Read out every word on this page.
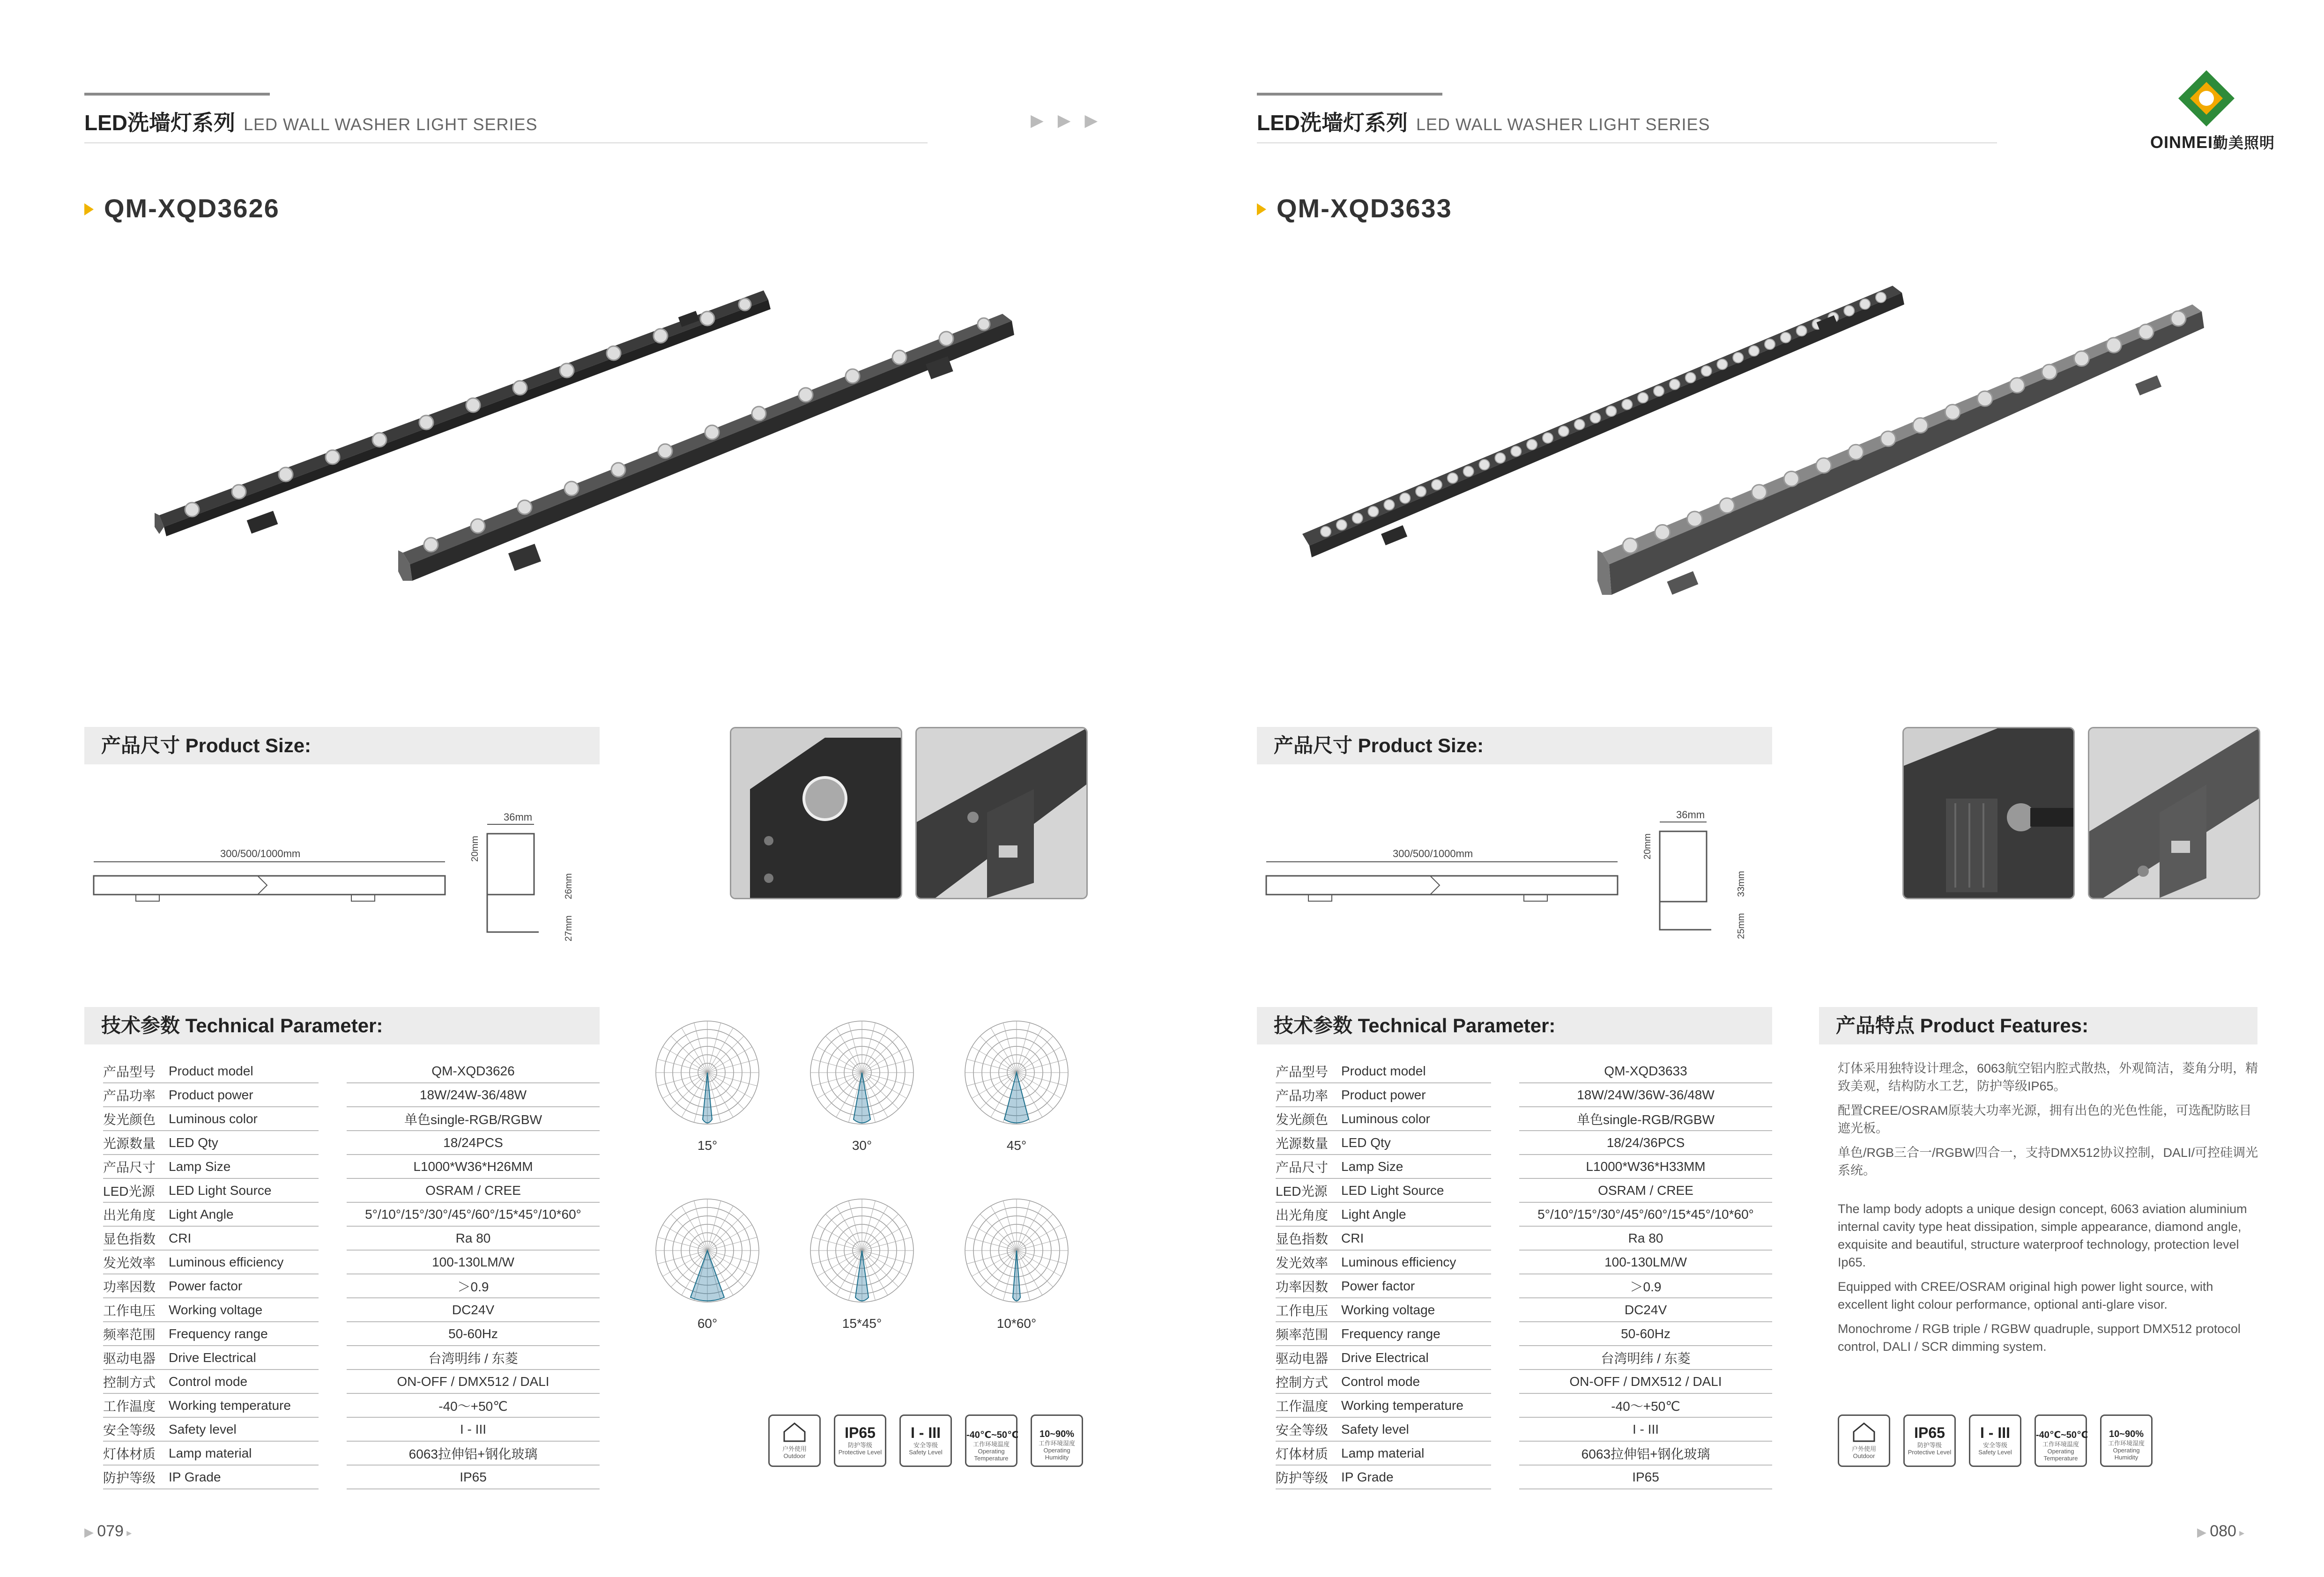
LED洗墙灯系列 LED WALL WASHER LIGHT SERIES	▶ ▶ ▶
QM-XQD3626
产品尺寸 Product Size:
300/500/1000mm
36mm
20mm
26mm
27mm
技术参数 Technical Parameter:
产品型号	Product model		QM-XQD3626
产品功率	Product power		18W/24W-36/48W
发光颜色	Luminous color		单色single-RGB/RGBW
光源数量	LED Qty		18/24PCS
产品尺寸	Lamp Size		L1000*W36*H26MM
LED光源	LED Light Source		OSRAM / CREE
出光角度	Light Angle		5°/10°/15°/30°/45°/60°/15*45°/10*60°
显色指数	CRI		Ra 80
发光效率	Luminous efficiency		100-130LM/W
功率因数	Power factor		＞0.9
工作电压	Working voltage		DC24V
频率范围	Frequency range		50-60Hz
驱动电器	Drive Electrical		台湾明纬 / 东菱
控制方式	Control mode		ON-OFF / DMX512 / DALI
工作温度	Working temperature		-40～+50℃
安全等级	Safety level		I - III
灯体材质	Lamp material		6063拉伸铝+钢化玻璃
防护等级	IP Grade		IP65
15°	30°	45°
60°	15*45°	10*60°
户外使用
Outdoor
IP65
防护等级
Protective Level
I - III
安全等级
Safety Level
-40℃~50℃
工作环境温度
Operating Temperature
10~90%
工作环境湿度
Operating Humidity
▶ 079 ▸
LED洗墙灯系列 LED WALL WASHER LIGHT SERIES
OINMEI勤美照明
QM-XQD3633
产品尺寸 Product Size:
300/500/1000mm
36mm
20mm
33mm
25mm
技术参数 Technical Parameter:
产品型号	Product model		QM-XQD3633
产品功率	Product power		18W/24W/36W-36/48W
发光颜色	Luminous color		单色single-RGB/RGBW
光源数量	LED Qty		18/24/36PCS
产品尺寸	Lamp Size		L1000*W36*H33MM
LED光源	LED Light Source		OSRAM / CREE
出光角度	Light Angle		5°/10°/15°/30°/45°/60°/15*45°/10*60°
显色指数	CRI		Ra 80
发光效率	Luminous efficiency		100-130LM/W
功率因数	Power factor		＞0.9
工作电压	Working voltage		DC24V
频率范围	Frequency range		50-60Hz
驱动电器	Drive Electrical		台湾明纬 / 东菱
控制方式	Control mode		ON-OFF / DMX512 / DALI
工作温度	Working temperature		-40～+50℃
安全等级	Safety level		I - III
灯体材质	Lamp material		6063拉伸铝+钢化玻璃
防护等级	IP Grade		IP65
产品特点 Product Features:
灯体采用独特设计理念，6063航空铝内腔式散热，外观简洁，菱角分明，精致美观，结构防水工艺，防护等级IP65。
配置CREE/OSRAM原装大功率光源，拥有出色的光色性能，可选配防眩目遮光板。
单色/RGB三合一/RGBW四合一，支持DMX512协议控制，DALI/可控硅调光系统。
The lamp body adopts a unique design concept, 6063 aviation aluminium internal cavity type heat dissipation, simple appearance, diamond angle, exquisite and beautiful, structure waterproof technology, protection level Ip65.
Equipped with CREE/OSRAM original high power light source, with excellent light colour performance, optional anti-glare visor.
Monochrome / RGB triple / RGBW quadruple, support DMX512 protocol control, DALI / SCR dimming system.
户外使用
Outdoor
IP65
防护等级
Protective Level
I - III
安全等级
Safety Level
-40℃~50℃
工作环境温度
Operating Temperature
10~90%
工作环境湿度
Operating Humidity
▶ 080 ▸
